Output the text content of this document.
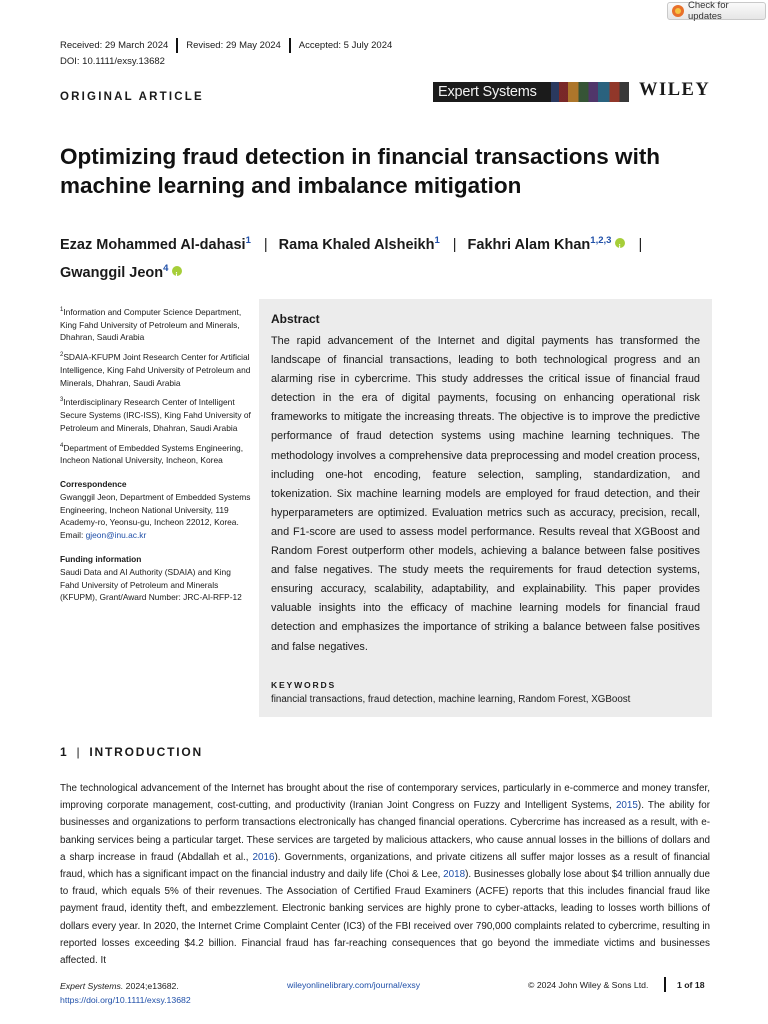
Check for updates
Received: 29 March 2024	Revised: 29 May 2024	Accepted: 5 July 2024
DOI: 10.1111/exsy.13682
ORIGINAL ARTICLE	Expert Systems	WILEY
Optimizing fraud detection in financial transactions with machine learning and imbalance mitigation
Ezaz Mohammed Al-dahasi$^1$ | Rama Khaled Alsheikh$^1$ | Fakhri Alam Khan$^{1,2,3}$i |
Gwanggil Jeon$^4$i
$^1$Information and Computer Science Department, King Fahd University of Petroleum and Minerals, Dhahran, Saudi Arabia
$^2$SDAIA-KFUPM Joint Research Center for Artificial Intelligence, King Fahd University of Petroleum and Minerals, Dhahran, Saudi Arabia
$^3$Interdisciplinary Research Center of Intelligent Secure Systems (IRC-ISS), King Fahd University of Petroleum and Minerals, Dhahran, Saudi Arabia
$^4$Department of Embedded Systems Engineering, Incheon National University, Incheon, Korea
Correspondence
Gwanggil Jeon, Department of Embedded Systems Engineering, Incheon National University, 119 Academy-ro, Yeonsu-gu, Incheon 22012, Korea.
Email: gjeon@inu.ac.kr
Funding information
Saudi Data and AI Authority (SDAIA) and King Fahd University of Petroleum and Minerals (KFUPM), Grant/Award Number: JRC-AI-RFP-12
Abstract
The rapid advancement of the Internet and digital payments has transformed the landscape of financial transactions, leading to both technological progress and an alarming rise in cybercrime. This study addresses the critical issue of financial fraud detection in the era of digital payments, focusing on enhancing operational risk frameworks to mitigate the increasing threats. The objective is to improve the predictive performance of fraud detection systems using machine learning techniques. The methodology involves a comprehensive data preprocessing and model creation process, including one-hot encoding, feature selection, sampling, standardization, and tokenization. Six machine learning models are employed for fraud detection, and their hyperparameters are optimized. Evaluation metrics such as accuracy, precision, recall, and F1-score are used to assess model performance. Results reveal that XGBoost and Random Forest outperform other models, achieving a balance between false positives and false negatives. The study meets the requirements for fraud detection systems, ensuring accuracy, scalability, adaptability, and explainability. This paper provides valuable insights into the efficacy of machine learning models for financial fraud detection and emphasizes the importance of striking a balance between false positives and false negatives.
KEYWORDS
financial transactions, fraud detection, machine learning, Random Forest, XGBoost
1 | INTRODUCTION

The technological advancement of the Internet has brought about the rise of contemporary services, particularly in e-commerce and money transfer, improving corporate management, cost-cutting, and productivity (Iranian Joint Congress on Fuzzy and Intelligent Systems, 2015). The ability for businesses and organizations to perform transactions electronically has changed financial operations. Cybercrime has increased as a result, with e-banking services being a particular target. These services are targeted by malicious attackers, who cause annual losses in the billions of dollars and a sharp increase in fraud (Abdallah et al., 2016). Governments, organizations, and private citizens all suffer major losses as a result of financial fraud, which has a significant impact on the financial industry and daily life (Choi & Lee, 2018). Businesses globally lose about $4 trillion annually due to fraud, which equals 5% of their revenues. The Association of Certified Fraud Examiners (ACFE) reports that this includes financial fraud like payment fraud, identity theft, and embezzlement. Electronic banking services are highly prone to cyber-attacks, leading to losses worth billions of dollars every year. In 2020, the Internet Crime Complaint Center (IC3) of the FBI received over 790,000 complaints related to cybercrime, resulting in reported losses exceeding $4.2 billion. Financial fraud has far-reaching consequences that go beyond the immediate victims and businesses affected. It

Expert Systems. 2024;e13682.
https://doi.org/10.1111/exsy.13682
wileyonlinelibrary.com/journal/exsy	© 2024 John Wiley & Sons Ltd.	1 of 18
